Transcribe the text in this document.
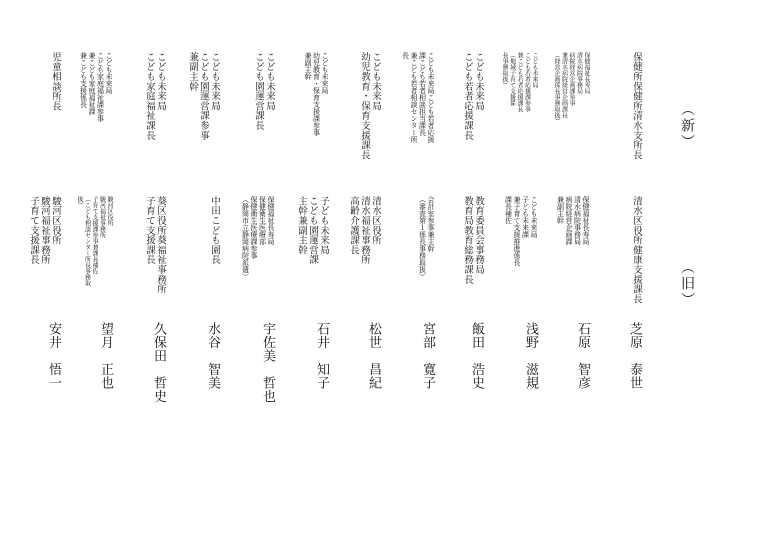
（新）
（旧）
保健所保健所清水支所長
清水区役所健康支援課長
芝原　泰世
保健福祉長寿局
清水病院事務局
病院経営企画課参事
兼清水病院経営企画課長
（経営企画係長事務取扱）
保健福祉長寿局
清水病院事務局
病院経営企画課
兼副主幹
石原　智彦
こども未来局
こども若者応援課参事
兼こども若者応援課長
（地域子育て支援係
長事務取扱）
こども未来局
子ども未来課
兼子育て支援推進係長
課長補佐
浅野　滋規
こども未来局
こども若者応援課長
教育委員会事務局
教育局教育総務課長
飯田　浩史
こども未来局こども若者応援
課こども若者相談担当課長
兼こども若者相談センター所
長
会計室参事兼主幹
（審査第１係長事務取扱）
宮部　寛子
こども未来局
幼児教育・保育支援課長
清水区役所
清水福祉事務所
高齢介護課長
松世　昌紀
こども未来局
幼児教育・保育支援課参事
兼副主幹
子ども未来局
こども園運営課
主幹兼副主幹
石井　知子
こども未来局
こども園運営課長
保健福祉長寿局
保健衛生医療部
保健衛生医療課参事
（静岡市立静岡病院派遣）
宇佐美　哲也
こども未来局
こども園運営課参事
兼副主幹
中田こども園長
水谷　智美
こども未来局
こども家庭福祉課長
葵区役所葵福祉事務所
子育て支援課長
久保田　哲史
こども未来局
こども家庭福祉課参事
兼こども家庭福祉課
兼こども支援係長
駿河区役所
駿河福祉事務所
子育て支援課参事兼課長補佐
（こども相談センター所長事務取
扱）
望月　正也
児童相談所長
駿河区役所
駿河福祉事務所
子育て支援課長
安井　悟一
